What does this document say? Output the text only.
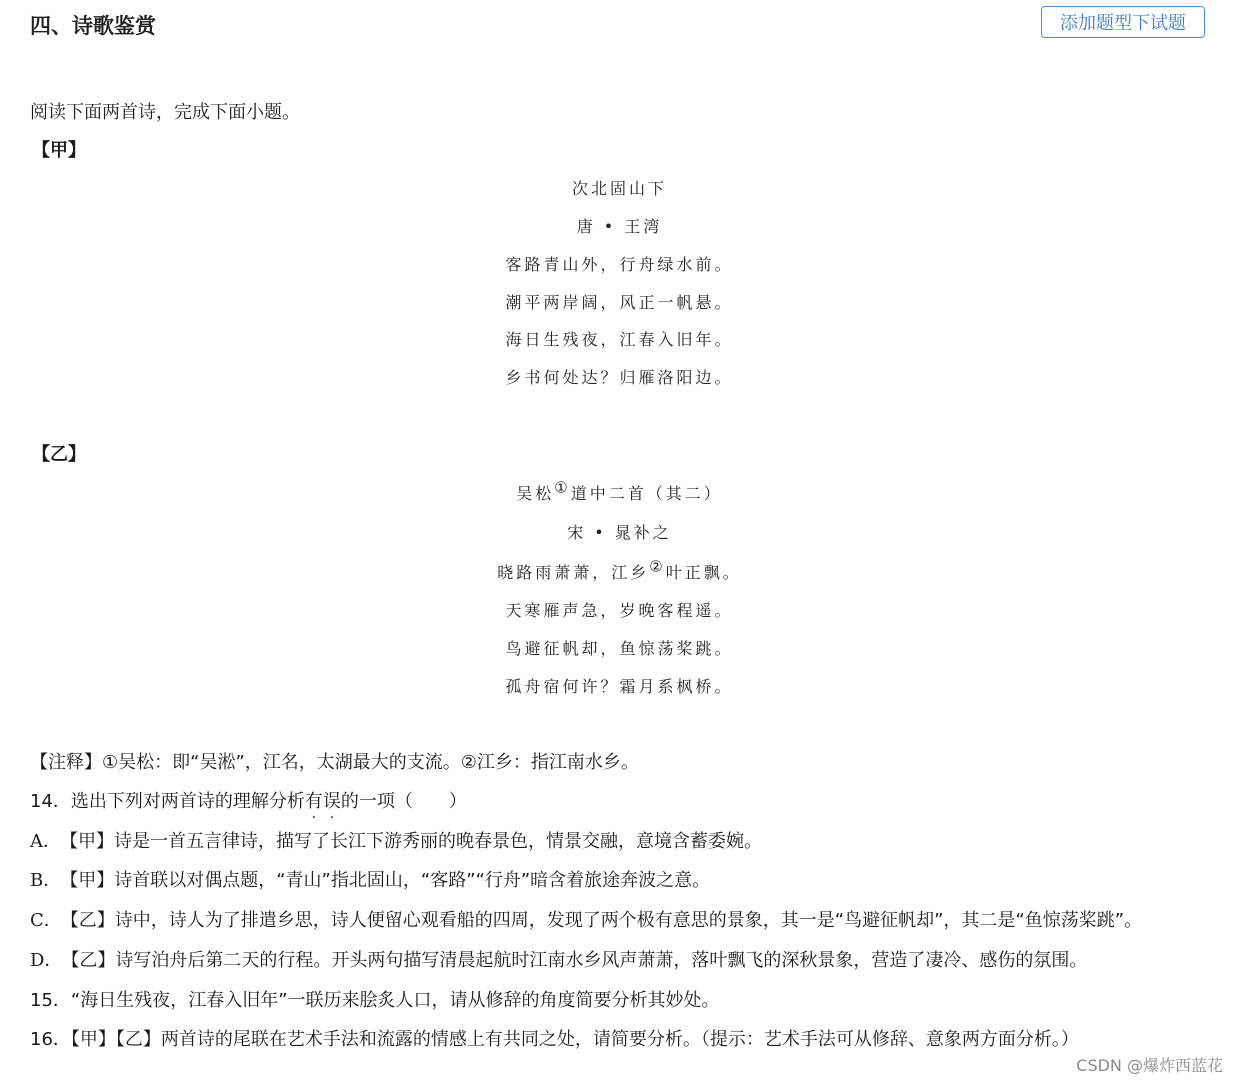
四、诗歌鉴赏	添加题型下试题
阅读下面两首诗，完成下面小题。
【甲】
次北固山下
唐 • 王湾
客路青山外，行舟绿水前。
潮平两岸阔，风正一帆悬。
海日生残夜，江春入旧年。
乡书何处达？归雁洛阳边。
【乙】
吴松①道中二首（其二）
宋 • 晁补之
晓路雨萧萧，江乡②叶正飘。
天寒雁声急，岁晚客程遥。
鸟避征帆却，鱼惊荡桨跳。
孤舟宿何许？霜月系枫桥。
【注释】①吴松：即“吴淞”，江名，太湖最大的支流。②江乡：指江南水乡。
14．选出下列对两首诗的理解分析有误的一项（　　）
A． 【甲】诗是一首五言律诗，描写了长江下游秀丽的晚春景色，情景交融，意境含蓄委婉。
B． 【甲】诗首联以对偶点题，“青山”指北固山，“客路”“行舟”暗含着旅途奔波之意。
C． 【乙】诗中，诗人为了排遣乡思，诗人便留心观看船的四周，发现了两个极有意思的景象，其一是“鸟避征帆却”，其二是“鱼惊荡桨跳”。
D． 【乙】诗写泊舟后第二天的行程。开头两句描写清晨起航时江南水乡风声萧萧，落叶飘飞的深秋景象，营造了凄冷、感伤的氛围。
15．“海日生残夜，江春入旧年”一联历来脍炙人口，请从修辞的角度简要分析其妙处。
16．【甲】【乙】两首诗的尾联在艺术手法和流露的情感上有共同之处，请简要分析。（提示：艺术手法可从修辞、意象两方面分析。）
CSDN @爆炸西蓝花
